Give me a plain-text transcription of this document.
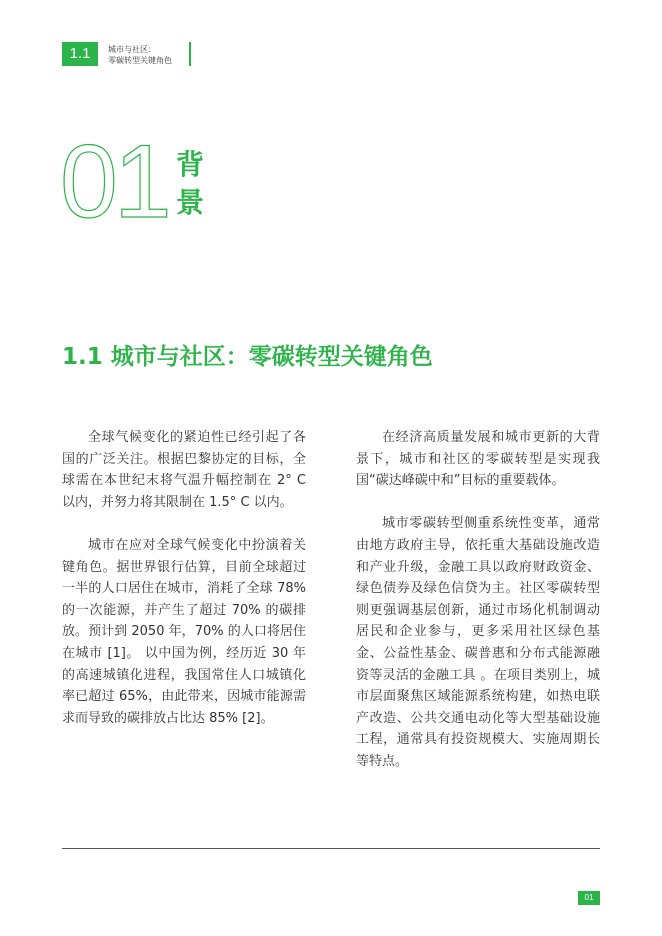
1.1	城市与社区：
零碳转型关键角色
01 背
景
1.1 城市与社区：零碳转型关键角色

全球气候变化的紧迫性已经引起了各国的广泛关注。根据巴黎协定的目标，全球需在本世纪末将气温升幅控制在 2° C 以内，并努力将其限制在 1.5° C 以内。

城市在应对全球气候变化中扮演着关键角色。据世界银行估算，目前全球超过一半的人口居住在城市，消耗了全球 78% 的一次能源，并产生了超过 70% 的碳排放。预计到 2050 年，70% 的人口将居住在城市 [1]。 以中国为例，经历近 30 年的高速城镇化进程，我国常住人口城镇化率已超过 65%，由此带来，因城市能源需求而导致的碳排放占比达 85% [2]。

在经济高质量发展和城市更新的大背景下，城市和社区的零碳转型是实现我国“碳达峰碳中和”目标的重要载体。

城市零碳转型侧重系统性变革，通常由地方政府主导，依托重大基础设施改造和产业升级，金融工具以政府财政资金、绿色债券及绿色信贷为主。社区零碳转型则更强调基层创新，通过市场化机制调动居民和企业参与，更多采用社区绿色基金、公益性基金、碳普惠和分布式能源融资等灵活的金融工具 。在项目类别上，城市层面聚焦区域能源系统构建，如热电联产改造、公共交通电动化等大型基础设施工程，通常具有投资规模大、实施周期长等特点。

01
